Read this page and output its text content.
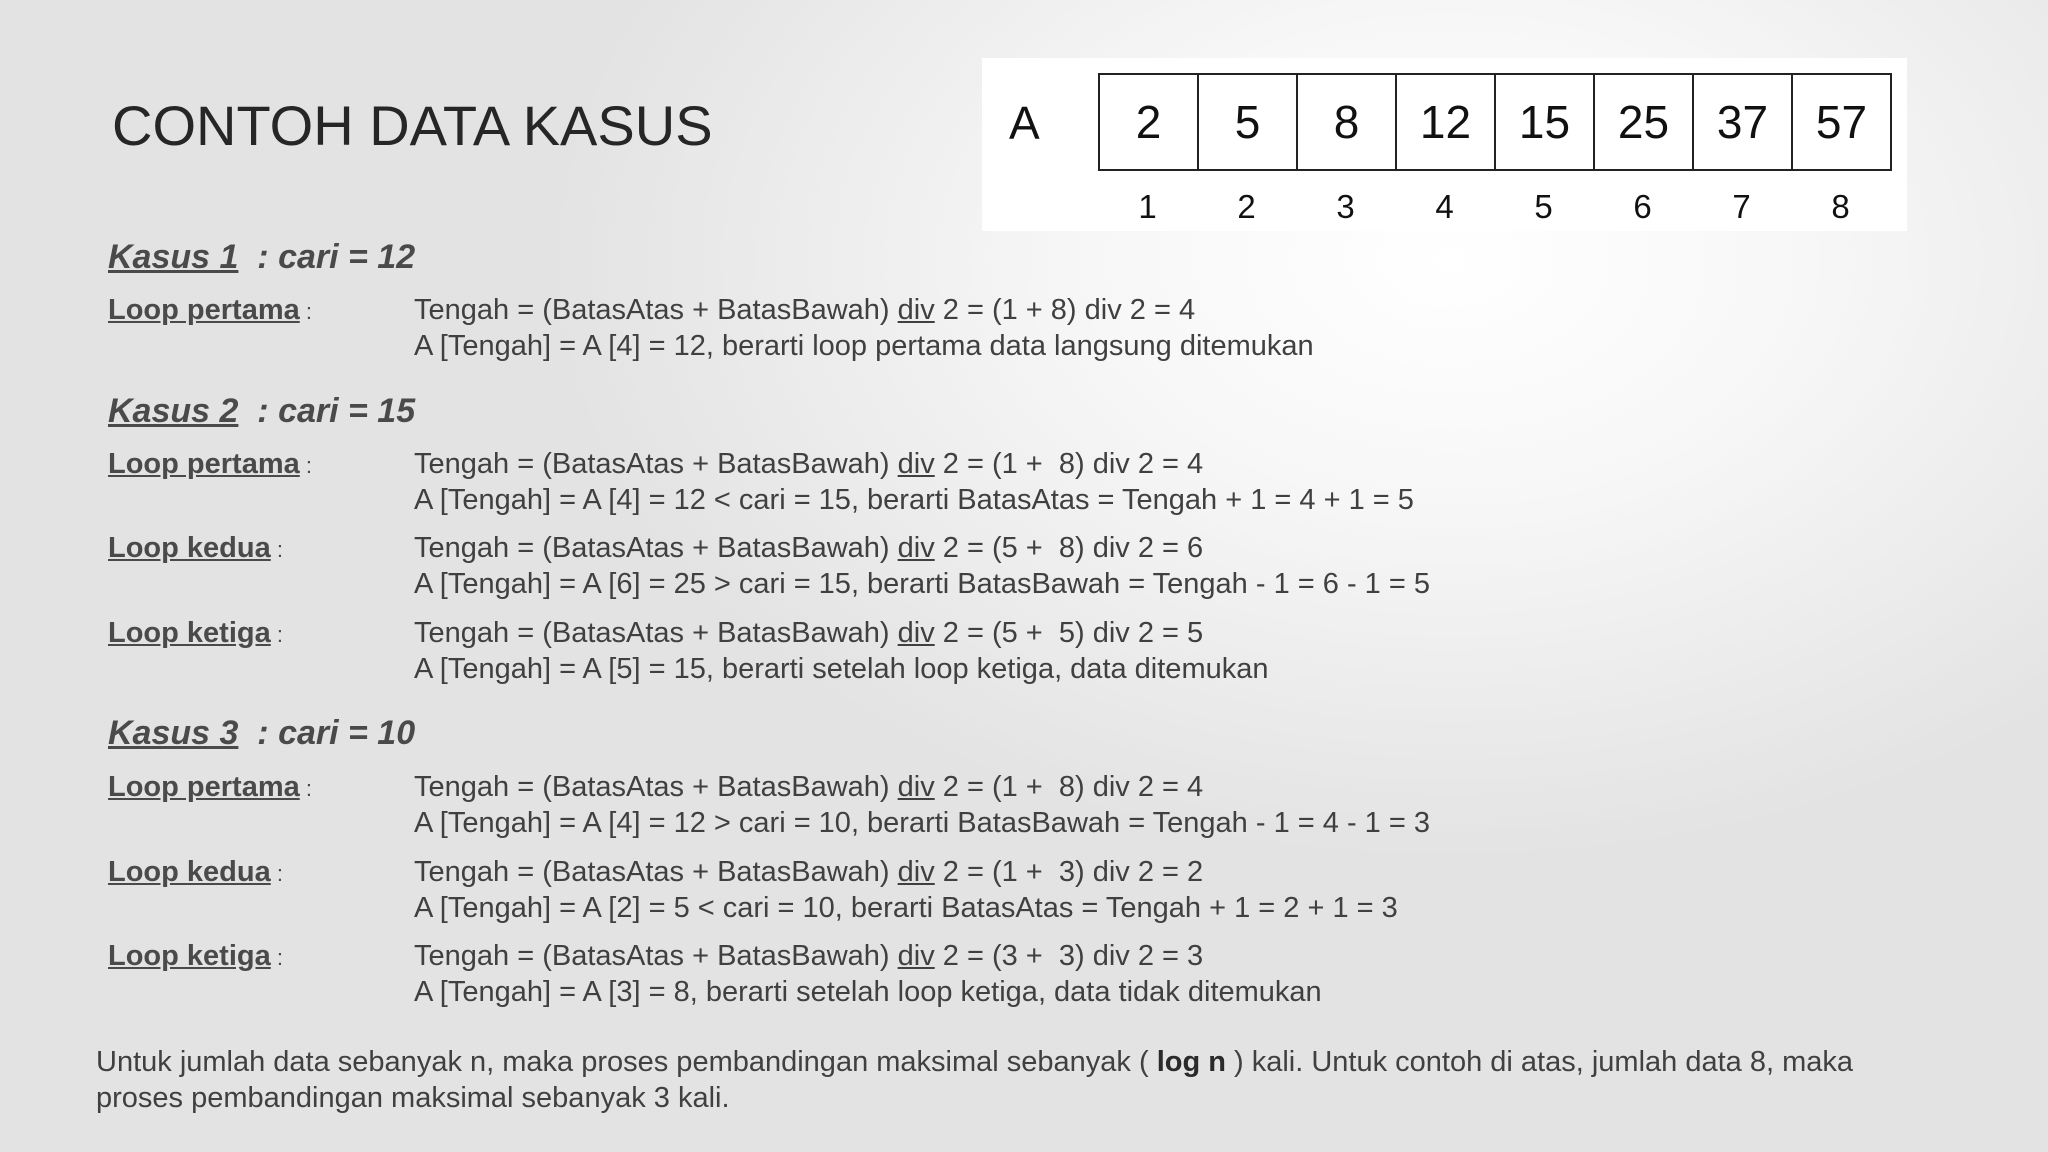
CONTOH DATA KASUS	A	2	5	8	12	15	25	37	57
1	2	3	4	5	6	7	8
Kasus 1  : cari = 12
Loop pertama :	Tengah = (BatasAtas + BatasBawah) div 2 = (1 + 8) div 2 = 4
A [Tengah] = A [4] = 12, berarti loop pertama data langsung ditemukan
Kasus 2  : cari = 15
Loop pertama :	Tengah = (BatasAtas + BatasBawah) div 2 = (1 +  8) div 2 = 4
A [Tengah] = A [4] = 12 < cari = 15, berarti BatasAtas = Tengah + 1 = 4 + 1 = 5
Loop kedua :	Tengah = (BatasAtas + BatasBawah) div 2 = (5 +  8) div 2 = 6
A [Tengah] = A [6] = 25 > cari = 15, berarti BatasBawah = Tengah - 1 = 6 - 1 = 5
Loop ketiga :	Tengah = (BatasAtas + BatasBawah) div 2 = (5 +  5) div 2 = 5
A [Tengah] = A [5] = 15, berarti setelah loop ketiga, data ditemukan
Kasus 3  : cari = 10
Loop pertama :	Tengah = (BatasAtas + BatasBawah) div 2 = (1 +  8) div 2 = 4
A [Tengah] = A [4] = 12 > cari = 10, berarti BatasBawah = Tengah - 1 = 4 - 1 = 3
Loop kedua :	Tengah = (BatasAtas + BatasBawah) div 2 = (1 +  3) div 2 = 2
A [Tengah] = A [2] = 5 < cari = 10, berarti BatasAtas = Tengah + 1 = 2 + 1 = 3
Loop ketiga :	Tengah = (BatasAtas + BatasBawah) div 2 = (3 +  3) div 2 = 3
A [Tengah] = A [3] = 8, berarti setelah loop ketiga, data tidak ditemukan
Untuk jumlah data sebanyak n, maka proses pembandingan maksimal sebanyak ( log n ) kali. Untuk contoh di atas, jumlah data 8, maka proses pembandingan maksimal sebanyak 3 kali.
